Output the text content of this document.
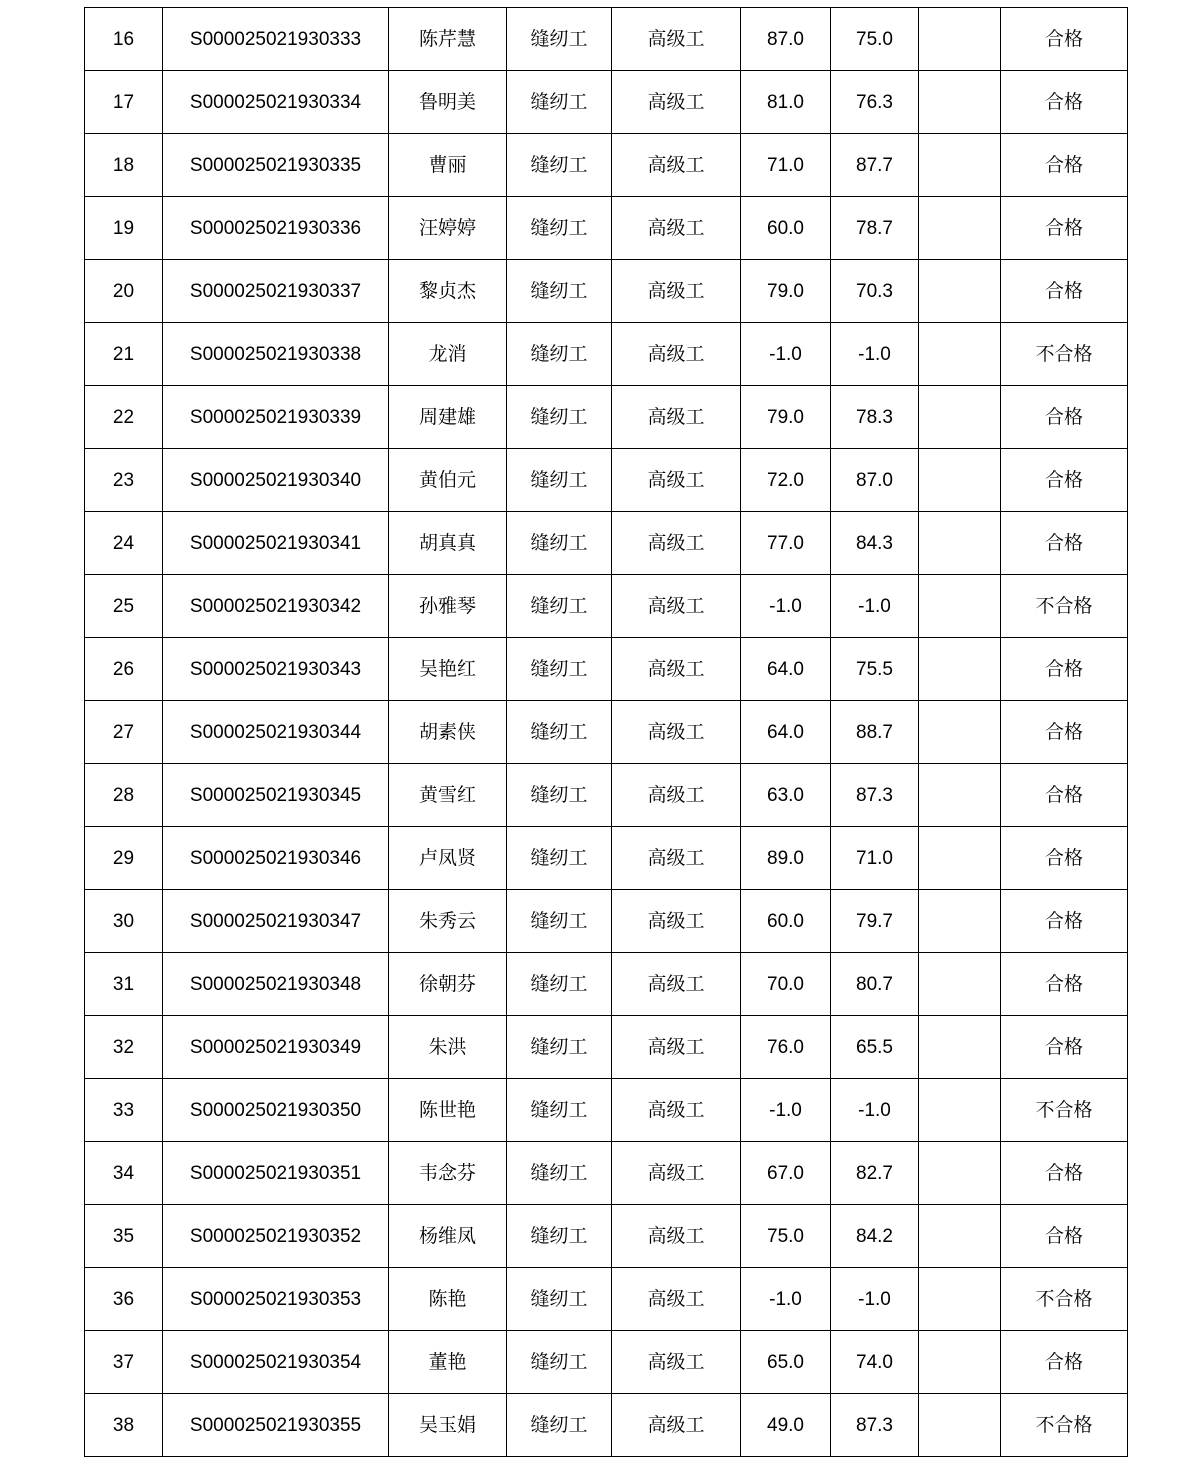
16	S000025021930333	陈芹慧	缝纫工	高级工	87.0	75.0		合格
17	S000025021930334	鲁明美	缝纫工	高级工	81.0	76.3		合格
18	S000025021930335	曹丽	缝纫工	高级工	71.0	87.7		合格
19	S000025021930336	汪婷婷	缝纫工	高级工	60.0	78.7		合格
20	S000025021930337	黎贞杰	缝纫工	高级工	79.0	70.3		合格
21	S000025021930338	龙消	缝纫工	高级工	-1.0	-1.0		不合格
22	S000025021930339	周建雄	缝纫工	高级工	79.0	78.3		合格
23	S000025021930340	黄伯元	缝纫工	高级工	72.0	87.0		合格
24	S000025021930341	胡真真	缝纫工	高级工	77.0	84.3		合格
25	S000025021930342	孙雅琴	缝纫工	高级工	-1.0	-1.0		不合格
26	S000025021930343	吴艳红	缝纫工	高级工	64.0	75.5		合格
27	S000025021930344	胡素侠	缝纫工	高级工	64.0	88.7		合格
28	S000025021930345	黄雪红	缝纫工	高级工	63.0	87.3		合格
29	S000025021930346	卢凤贤	缝纫工	高级工	89.0	71.0		合格
30	S000025021930347	朱秀云	缝纫工	高级工	60.0	79.7		合格
31	S000025021930348	徐朝芬	缝纫工	高级工	70.0	80.7		合格
32	S000025021930349	朱洪	缝纫工	高级工	76.0	65.5		合格
33	S000025021930350	陈世艳	缝纫工	高级工	-1.0	-1.0		不合格
34	S000025021930351	韦念芬	缝纫工	高级工	67.0	82.7		合格
35	S000025021930352	杨维凤	缝纫工	高级工	75.0	84.2		合格
36	S000025021930353	陈艳	缝纫工	高级工	-1.0	-1.0		不合格
37	S000025021930354	董艳	缝纫工	高级工	65.0	74.0		合格
38	S000025021930355	吴玉娟	缝纫工	高级工	49.0	87.3		不合格
